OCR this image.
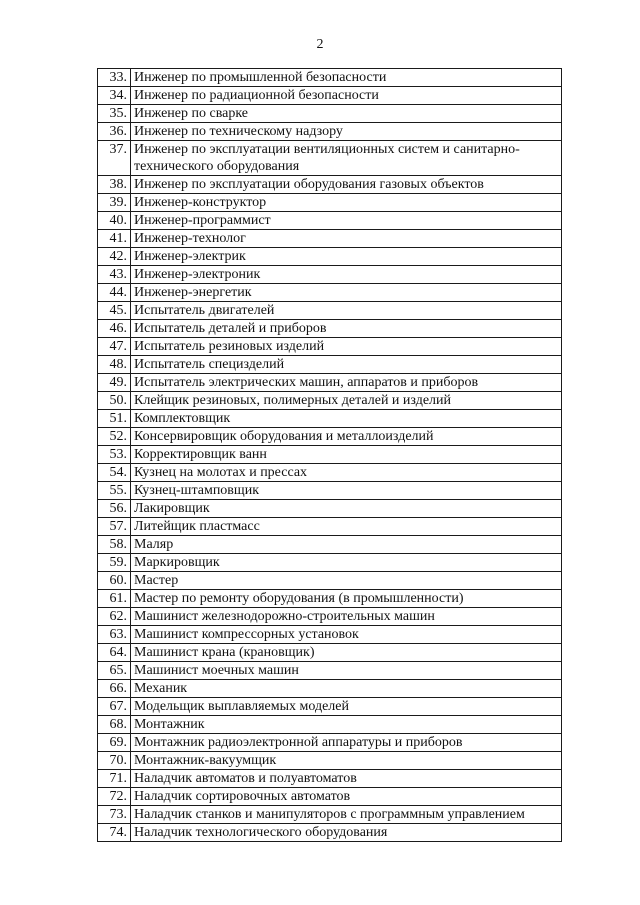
2
33.	Инженер по промышленной безопасности
34.	Инженер по радиационной безопасности
35.	Инженер по сварке
36.	Инженер по техническому надзору
37.	Инженер по эксплуатации вентиляционных систем и санитарно-технического оборудования
38.	Инженер по эксплуатации оборудования газовых объектов
39.	Инженер-конструктор
40.	Инженер-программист
41.	Инженер-технолог
42.	Инженер-электрик
43.	Инженер-электроник
44.	Инженер-энергетик
45.	Испытатель двигателей
46.	Испытатель деталей и приборов
47.	Испытатель резиновых изделий
48.	Испытатель специзделий
49.	Испытатель электрических машин, аппаратов и приборов
50.	Клейщик резиновых, полимерных деталей и изделий
51.	Комплектовщик
52.	Консервировщик оборудования и металлоизделий
53.	Корректировщик ванн
54.	Кузнец на молотах и прессах
55.	Кузнец-штамповщик
56.	Лакировщик
57.	Литейщик пластмасс
58.	Маляр
59.	Маркировщик
60.	Мастер
61.	Мастер по ремонту оборудования (в промышленности)
62.	Машинист железнодорожно-строительных машин
63.	Машинист компрессорных установок
64.	Машинист крана (крановщик)
65.	Машинист моечных машин
66.	Механик
67.	Модельщик выплавляемых моделей
68.	Монтажник
69.	Монтажник радиоэлектронной аппаратуры и приборов
70.	Монтажник-вакуумщик
71.	Наладчик автоматов и полуавтоматов
72.	Наладчик сортировочных автоматов
73.	Наладчик станков и манипуляторов с программным управлением
74.	Наладчик технологического оборудования
